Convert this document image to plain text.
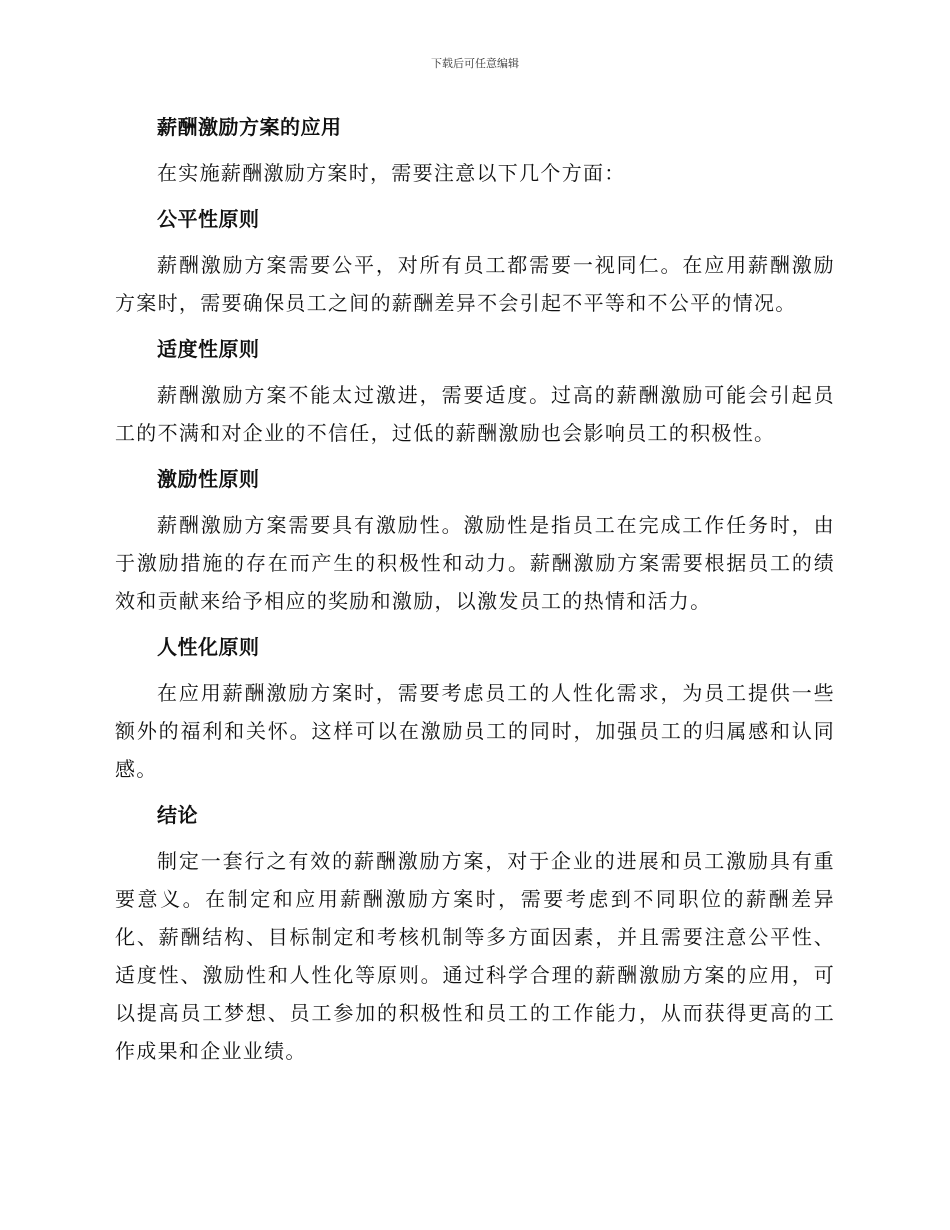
下载后可任意编辑
薪酬激励方案的应用

在实施薪酬激励方案时，需要注意以下几个方面：

公平性原则

薪酬激励方案需要公平，对所有员工都需要一视同仁。在应用薪酬激励方案时，需要确保员工之间的薪酬差异不会引起不平等和不公平的情况。

适度性原则

薪酬激励方案不能太过激进，需要适度。过高的薪酬激励可能会引起员工的不满和对企业的不信任，过低的薪酬激励也会影响员工的积极性。

激励性原则

薪酬激励方案需要具有激励性。激励性是指员工在完成工作任务时，由于激励措施的存在而产生的积极性和动力。薪酬激励方案需要根据员工的绩效和贡献来给予相应的奖励和激励，以激发员工的热情和活力。

人性化原则

在应用薪酬激励方案时，需要考虑员工的人性化需求，为员工提供一些额外的福利和关怀。这样可以在激励员工的同时，加强员工的归属感和认同感。

结论

制定一套行之有效的薪酬激励方案，对于企业的进展和员工激励具有重要意义。在制定和应用薪酬激励方案时，需要考虑到不同职位的薪酬差异化、薪酬结构、目标制定和考核机制等多方面因素，并且需要注意公平性、适度性、激励性和人性化等原则。通过科学合理的薪酬激励方案的应用，可以提高员工梦想、员工参加的积极性和员工的工作能力，从而获得更高的工作成果和企业业绩。
